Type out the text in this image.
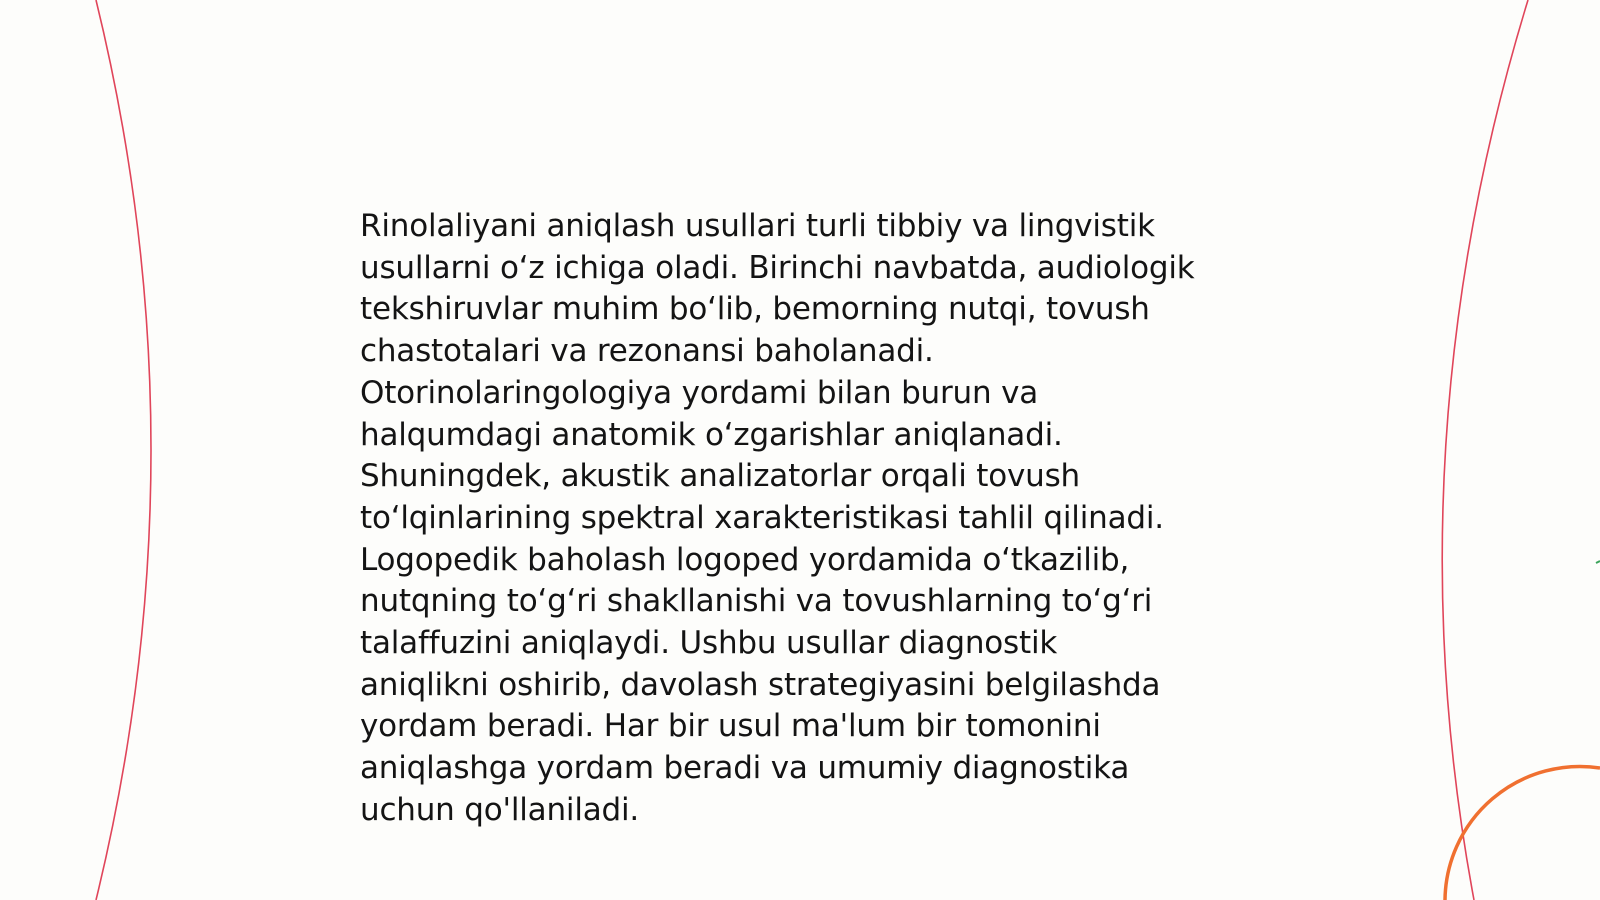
Rinolaliyani aniqlash usullari turli tibbiy va lingvistik
usullarni o‘z ichiga oladi. Birinchi navbatda, audiologik
tekshiruvlar muhim bo‘lib, bemorning nutqi, tovush
chastotalari va rezonansi baholanadi.
Otorinolaringologiya yordami bilan burun va
halqumdagi anatomik o‘zgarishlar aniqlanadi.
Shuningdek, akustik analizatorlar orqali tovush
to‘lqinlarining spektral xarakteristikasi tahlil qilinadi.
Logopedik baholash logoped yordamida o‘tkazilib,
nutqning to‘g‘ri shakllanishi va tovushlarning to‘g‘ri
talaffuzini aniqlaydi. Ushbu usullar diagnostik
aniqlikni oshirib, davolash strategiyasini belgilashda
yordam beradi. Har bir usul ma'lum bir tomonini
aniqlashga yordam beradi va umumiy diagnostika
uchun qo'llaniladi.
